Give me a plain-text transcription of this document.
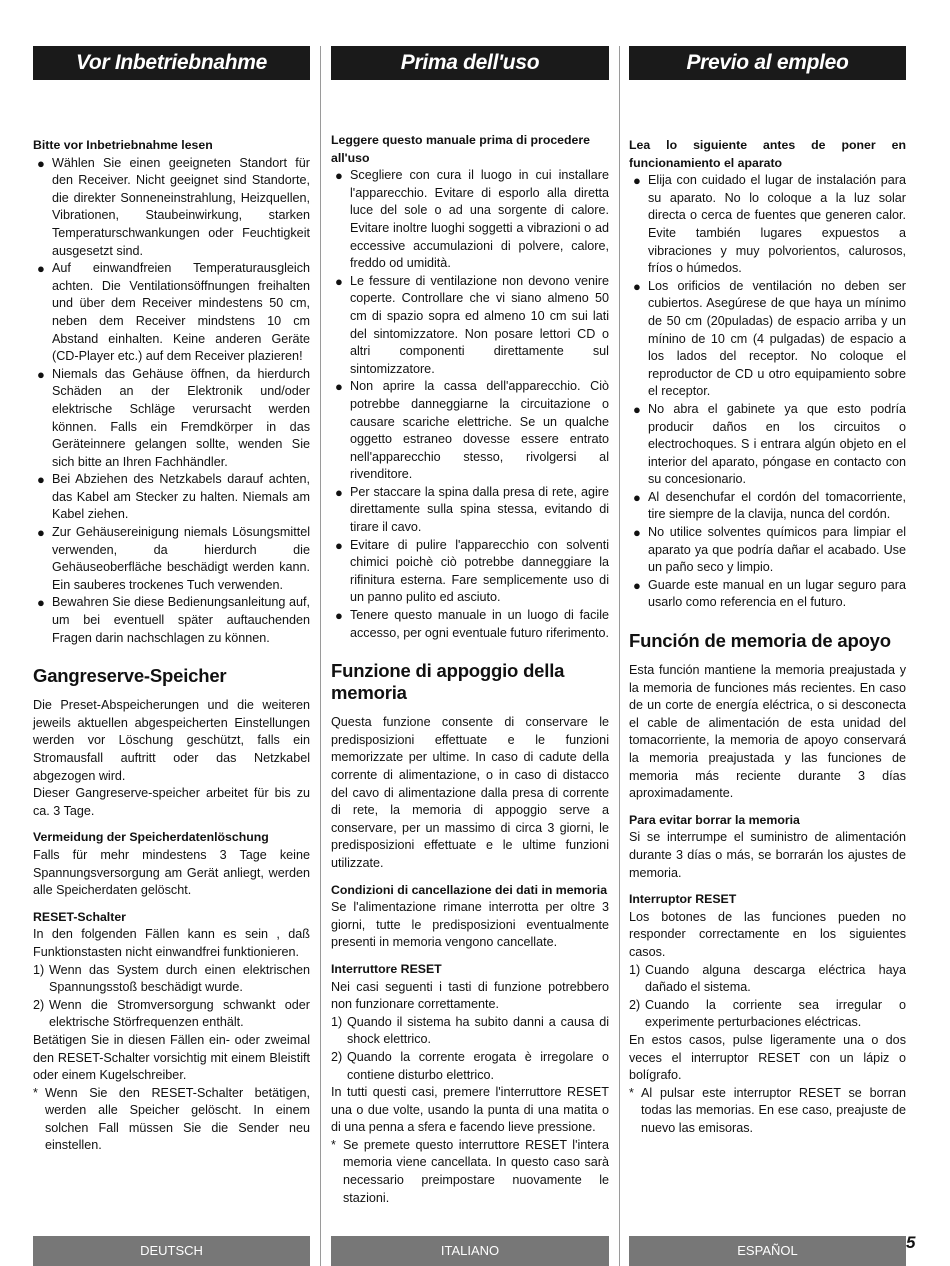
Vor Inbetriebnahme

Bitte vor Inbetriebnahme lesen

● Wählen Sie einen geeigneten Standort für den Receiver. Nicht geeignet sind Standorte, die direkter Sonneneinstrahlung, Heizquellen, Vibrationen, Staubeinwirkung, starken Temperaturschwankungen oder Feuchtigkeit ausgesetzt sind.
● Auf einwandfreien Temperaturausgleich achten. Die Ventilationsöffnungen freihalten und über dem Receiver mindestens 50 cm, neben dem Receiver mindstens 10 cm Abstand einhalten. Keine anderen Geräte (CD-Player etc.) auf dem Receiver plazieren!
● Niemals das Gehäuse öffnen, da hierdurch Schäden an der Elektronik und/oder elektrische Schläge verursacht werden können. Falls ein Fremdkörper in das Geräteinnere gelangen sollte, wenden Sie sich bitte an Ihren Fachhändler.
● Bei Abziehen des Netzkabels darauf achten, das Kabel am Stecker zu halten. Niemals am Kabel ziehen.
● Zur Gehäusereinigung niemals Lösungsmittel verwenden, da hierdurch die Gehäuseoberfläche beschädigt werden kann. Ein sauberes trockenes Tuch verwenden.
● Bewahren Sie diese Bedienungsanleitung auf, um bei eventuell später auftauchenden Fragen darin nachschlagen zu können.
Gangreserve-Speicher

Die Preset-Abspeicherungen und die weiteren jeweils aktuellen abgespeicherten Einstellungen werden vor Löschung geschützt, falls ein Stromausfall auftritt oder das Netzkabel abgezogen wird.

Dieser Gangreserve-speicher arbeitet für bis zu ca. 3 Tage.

Vermeidung der Speicherdatenlöschung

Falls für mehr mindestens 3 Tage keine Spannungsversorgung am Gerät anliegt, werden alle Speicherdaten gelöscht.

RESET-Schalter

In den folgenden Fällen kann es sein , daß Funktionstasten nicht einwandfrei funktionieren.

1) Wenn das System durch einen elektrischen Spannungsstoß beschädigt wurde.
2) Wenn die Stromversorgung schwankt oder elektrische Störfrequenzen enthält.

Betätigen Sie in diesen Fällen ein- oder zweimal den RESET-Schalter vorsichtig mit einem Bleistift oder einem Kugelschreiber.

* Wenn Sie den RESET-Schalter betätigen, werden alle Speicher gelöscht. In einem solchen Fall müssen Sie die Sender neu einstellen.

Prima dell'uso

Leggere questo manuale prima di procedere all'uso

● Scegliere con cura il luogo in cui installare l'apparecchio. Evitare di esporlo alla diretta luce del sole o ad una sorgente di calore. Evitare inoltre luoghi soggetti a vibrazioni o ad eccessive accumulazioni di polvere, calore, freddo od umidità.
● Le fessure di ventilazione non devono venire coperte. Controllare che vi siano almeno 50 cm di spazio sopra ed almeno 10 cm sui lati del sintomizzatore. Non posare lettori CD o altri componenti direttamente sul sintomizzatore.
● Non aprire la cassa dell'apparecchio. Ciò potrebbe danneggiarne la circuitazione o causare scariche elettriche. Se un qualche oggetto estraneo dovesse essere entrato nell'apparecchio stesso, rivolgersi al rivenditore.
● Per staccare la spina dalla presa di rete, agire direttamente sulla spina stessa, evitando di tirare il cavo.
● Evitare di pulire l'apparecchio con solventi chimici poichè ciò potrebbe danneggiare la rifinitura esterna. Fare semplicemente uso di un panno pulito ed asciuto.
● Tenere questo manuale in un luogo di facile accesso, per ogni eventuale futuro riferimento.
Funzione di appoggio della memoria

Questa funzione consente di conservare le predisposizioni effettuate e le funzioni memorizzate per ultime. In caso di cadute della corrente di alimentazione, o in caso di distacco del cavo di alimentazione dalla presa di corrente di rete, la memoria di appoggio serve a conservare, per un massimo di circa 3 giorni, le predisposizioni effettuate e le ultime funzioni utilizzate.

Condizioni di cancellazione dei dati in memoria

Se l'alimentazione rimane interrotta per oltre 3 giorni, tutte le predisposizioni eventualmente presenti in memoria vengono cancellate.

Interruttore RESET

Nei casi seguenti i tasti di funzione potrebbero non funzionare correttamente.

1) Quando il sistema ha subito danni a causa di shock elettrico.
2) Quando la corrente erogata è irregolare o contiene disturbo elettrico.

In tutti questi casi, premere l'interruttore RESET una o due volte, usando la punta di una matita o di una penna a sfera e facendo lieve pressione.

* Se premete questo interruttore RESET l'intera memoria viene cancellata. In questo caso sarà necessario preimpostare nuovamente le stazioni.

Previo al empleo

Lea lo siguiente antes de poner en funcionamiento el aparato

● Elija con cuidado el lugar de instalación para su aparato. No lo coloque a la luz solar directa o cerca de fuentes que generen calor. Evite también lugares expuestos a vibraciones y muy polvorientos, calurosos, fríos o húmedos.
● Los orificios de ventilación no deben ser cubiertos. Asegúrese de que haya un mínimo de 50 cm (20puladas) de espacio arriba y un mínino de 10 cm (4 pulgadas) de espacio a los lados del receptor. No coloque el reproductor de CD u otro equipamiento sobre el receptor.
● No abra el gabinete ya que esto podría producir daños en los circuitos o electrochoques. S i entrara algún objeto en el interior del aparato, póngase en contacto con su concesionario.
● Al desenchufar el cordón del tomacorriente, tire siempre de la clavija, nunca del cordón.
● No utilice solventes químicos para limpiar el aparato ya que podría dañar el acabado. Use un paño seco y limpio.
● Guarde este manual en un lugar seguro para usarlo como referencia en el futuro.
Función de memoria de apoyo

Esta función mantiene la memoria preajustada y la memoria de funciones más recientes. En caso de un corte de energía eléctrica, o si desconecta el cable de alimentación de esta unidad del tomacorriente, la memoria de apoyo conservará la memoria preajustada y las funciones de memoria más reciente durante 3 días aproximadamente.

Para evitar borrar la memoria

Si se interrumpe el suministro de alimentación durante 3 días o más, se borrarán los ajustes de memoria.

Interruptor RESET

Los botones de las funciones pueden no responder correctamente en los siguientes casos.

1) Cuando alguna descarga eléctrica haya dañado el sistema.
2) Cuando la corriente sea irregular o experimente perturbaciones eléctricas.

En estos casos, pulse ligeramente una o dos veces el interruptor RESET con un lápiz o bolígrafo.

* Al pulsar este interruptor RESET se borran todas las memorias. En ese caso, preajuste de nuevo las emisoras.

DEUTSCH	ITALIANO	ESPAÑOL	5
